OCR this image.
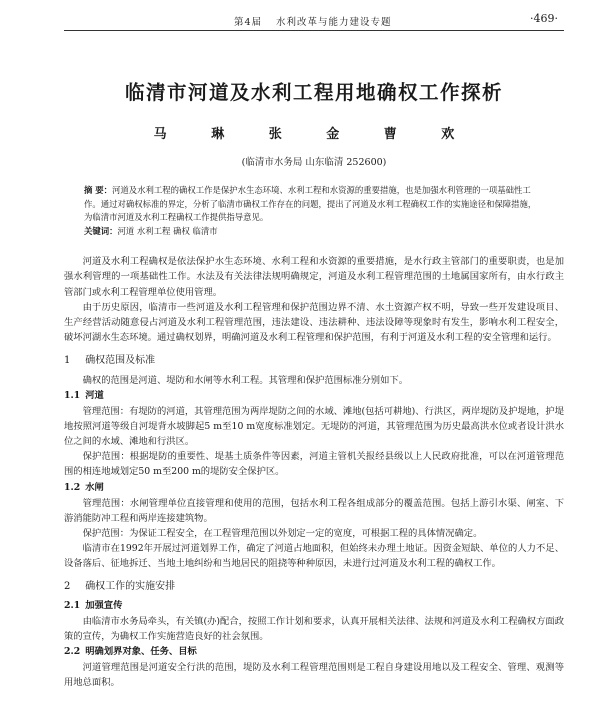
第4届 水利改革与能力建设专题	·469·
临清市河道及水利工程用地确权工作探析
马 琳 张 金 曹 欢
(临清市水务局 山东临清 252600)

摘 要：河道及水利工程的确权工作是保护水生态环境、水利工程和水资源的重要措施，也是加强水利管理的一项基础性工作。通过对确权标准的界定，分析了临清市确权工作存在的问题，提出了河道及水利工程确权工作的实施途径和保障措施，为临清市河道及水利工程确权工作提供指导意见。

关键词：河道 水利工程 确权 临清市

河道及水利工程确权是依法保护水生态环境、水利工程和水资源的重要措施，是水行政主管部门的重要职责，也是加强水利管理的一项基础性工作。水法及有关法律法规明确规定，河道及水利工程管理范围的土地属国家所有，由水行政主管部门或水利工程管理单位使用管理。

由于历史原因，临清市一些河道及水利工程管理和保护范围边界不清、水土资源产权不明，导致一些开发建设项目、生产经营活动随意侵占河道及水利工程管理范围，违法建设、违法耕种、违法设障等现象时有发生，影响水利工程安全，破坏河湖水生态环境。通过确权划界，明确河道及水利工程管理和保护范围，有利于河道及水利工程的安全管理和运行。

1 确权范围及标准

确权的范围是河道、堤防和水闸等水利工程。其管理和保护范围标准分别如下。

1.1 河道

管理范围：有堤防的河道，其管理范围为两岸堤防之间的水域、滩地(包括可耕地)、行洪区，两岸堤防及护堤地，护堤地按照河道等级自河堤背水坡脚起5 m至10 m宽度标准划定。无堤防的河道，其管理范围为历史最高洪水位或者设计洪水位之间的水域、滩地和行洪区。

保护范围：根据堤防的重要性、堤基土质条件等因素，河道主管机关报经县级以上人民政府批准，可以在河道管理范围的相连地域划定50 m至200 m的堤防安全保护区。

1.2 水闸

管理范围：水闸管理单位直接管理和使用的范围，包括水利工程各组成部分的覆盖范围。包括上游引水渠、闸室、下游消能防冲工程和两岸连接建筑物。

保护范围：为保证工程安全，在工程管理范围以外划定一定的宽度，可根据工程的具体情况确定。

临清市在1992年开展过河道划界工作，确定了河道占地面积，但始终未办理土地证。因资金短缺、单位的人力不足、设备落后、征地拆迁、当地土地纠纷和当地居民的阻挠等种种原因，未进行过河道及水利工程的确权工作。

2 确权工作的实施安排
2.1 加强宣传

由临清市水务局牵头，有关镇(办)配合，按照工作计划和要求，认真开展相关法律、法规和河道及水利工程确权方面政策的宣传，为确权工作实施营造良好的社会氛围。

2.2 明确划界对象、任务、目标

河道管理范围是河道安全行洪的范围，堤防及水利工程管理范围则是工程自身建设用地以及工程安全、管理、观测等用地总面积。
